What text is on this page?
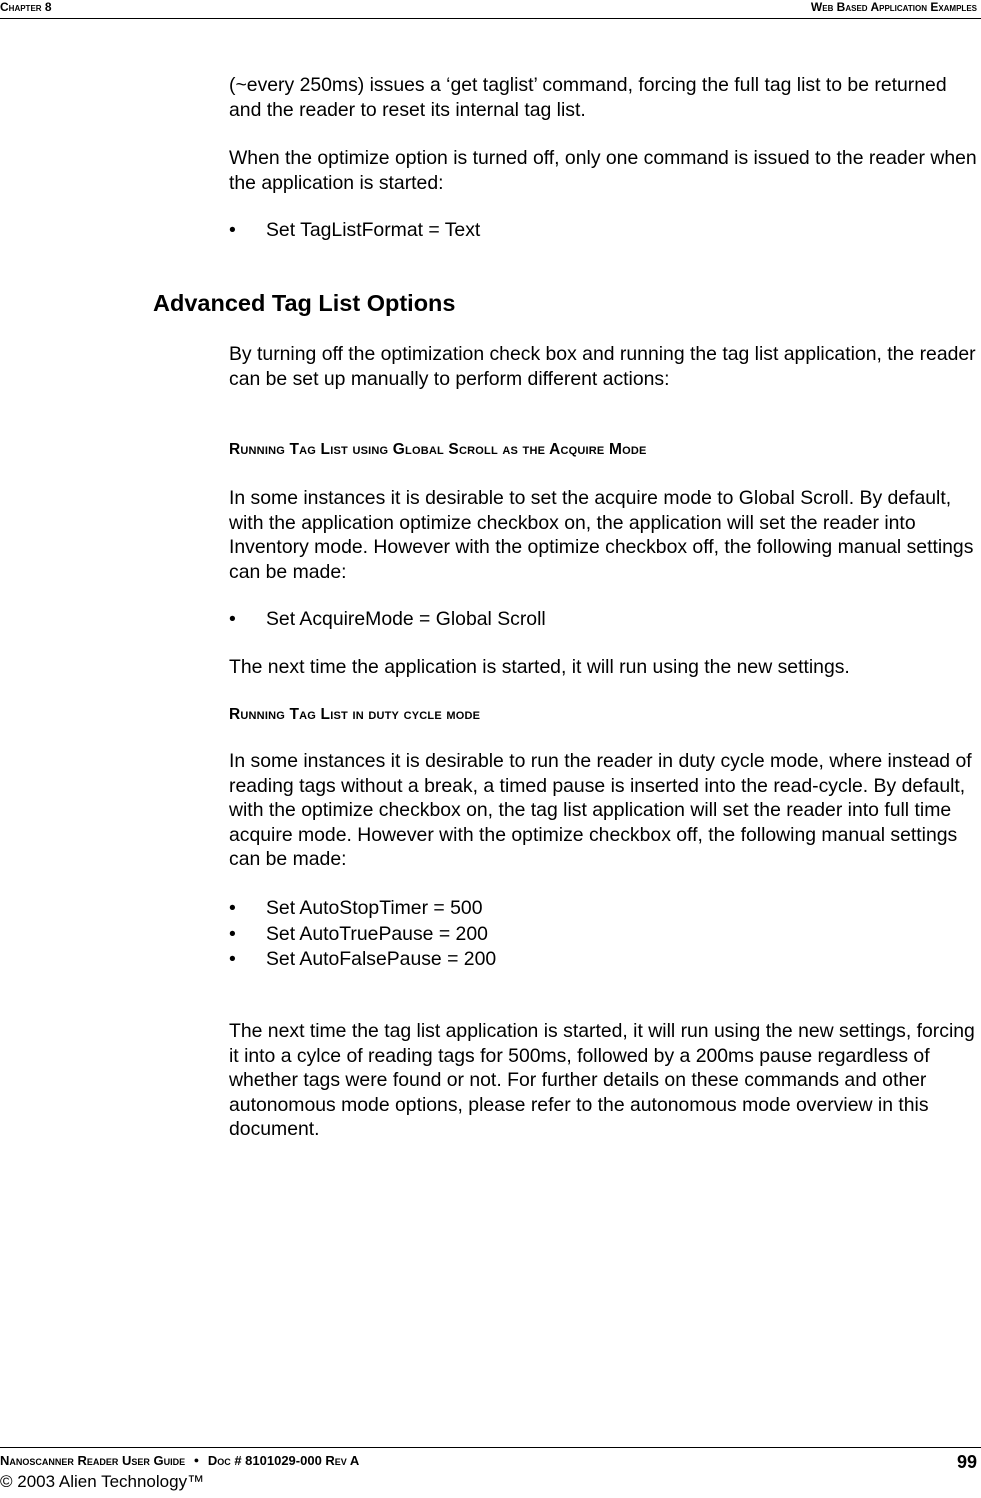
Chapter 8	Web Based Application Examples

(~every 250ms) issues a ‘get taglist’ command, forcing the full tag list to be returned and the reader to reset its internal tag list.

When the optimize option is turned off, only one command is issued to the reader when the application is started:

• Set TagListFormat = Text
Advanced Tag List Options

By turning off the optimization check box and running the tag list application, the reader can be set up manually to perform different actions:

Running Tag List using Global Scroll as the Acquire Mode

In some instances it is desirable to set the acquire mode to Global Scroll. By default, with the application optimize checkbox on, the application will set the reader into Inventory mode. However with the optimize checkbox off, the following manual settings can be made:

• Set AcquireMode = Global Scroll

The next time the application is started, it will run using the new settings.

Running Tag List in duty cycle mode

In some instances it is desirable to run the reader in duty cycle mode, where instead of reading tags without a break, a timed pause is inserted into the read-cycle. By default, with the optimize checkbox on, the tag list application will set the reader into full time acquire mode. However with the optimize checkbox off, the following manual settings can be made:

• Set AutoStopTimer = 500
• Set AutoTruePause = 200
• Set AutoFalsePause = 200

The next time the tag list application is started, it will run using the new settings, forcing it into a cylce of reading tags for 500ms, followed by a 200ms pause regardless of whether tags were found or not. For further details on these commands and other autonomous mode options, please refer to the autonomous mode overview in this document.

Nanoscanner Reader User Guide ● Doc # 8101029-000 Rev A	99
© 2003 Alien Technology™
